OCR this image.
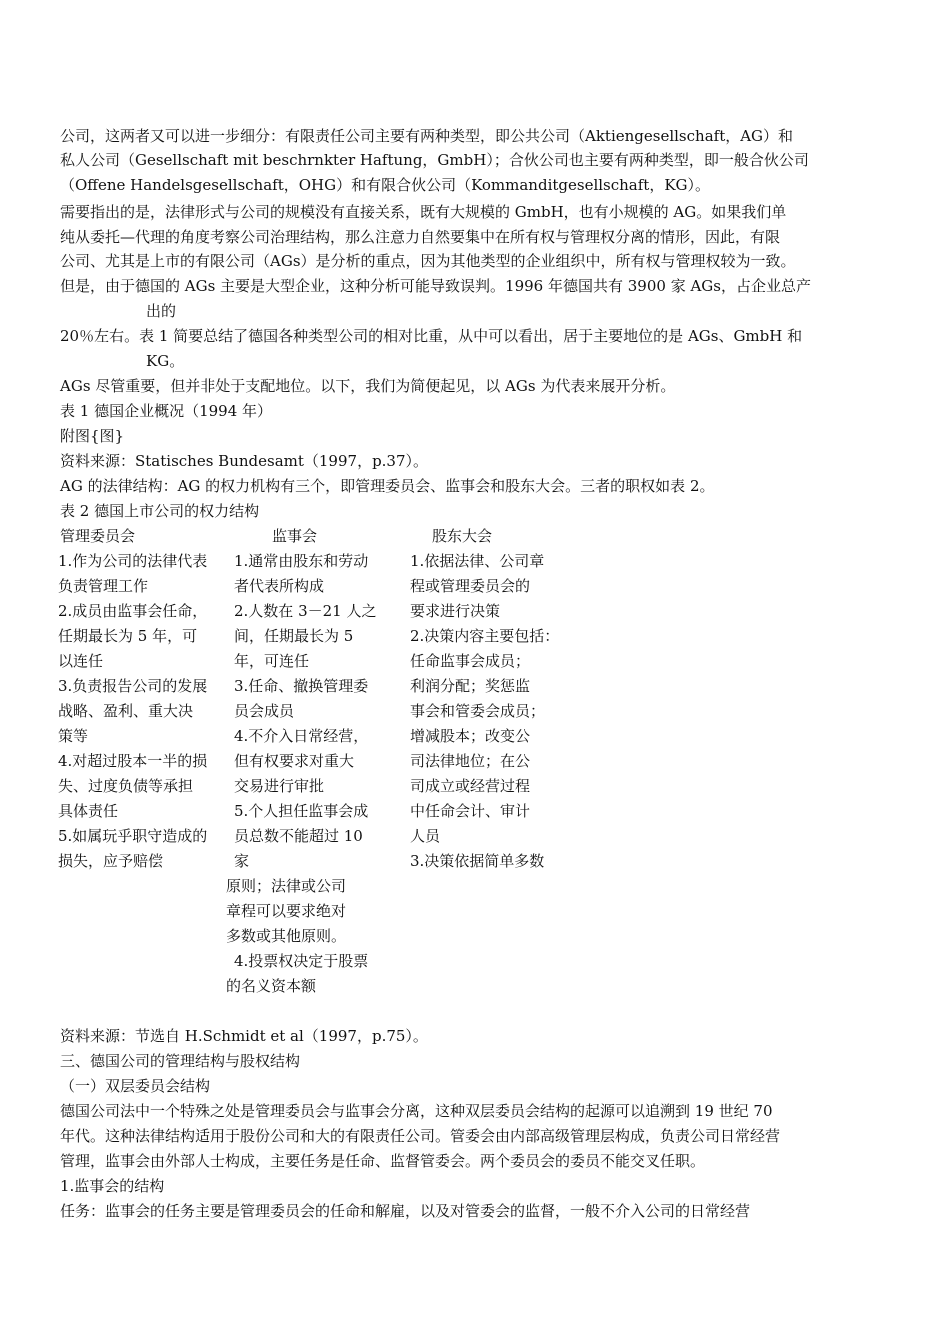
公司，这两者又可以进一步细分：有限责任公司主要有两种类型，即公共公司（Aktiengesellschaft，AG）和
私人公司（Gesellschaft mit beschrnkter Haftung，GmbH）；合伙公司也主要有两种类型，即一般合伙公司
（Offene Handelsgesellschaft，OHG）和有限合伙公司（Kommanditgesellschaft，KG）。
需要指出的是，法律形式与公司的规模没有直接关系，既有大规模的 GmbH，也有小规模的 AG。如果我们单
纯从委托—代理的角度考察公司治理结构，那么注意力自然要集中在所有权与管理权分离的情形，因此，有限
公司、尤其是上市的有限公司（AGs）是分析的重点，因为其他类型的企业组织中，所有权与管理权较为一致。
但是，由于德国的 AGs 主要是大型企业，这种分析可能导致误判。1996 年德国共有 3900 家 AGs，占企业总产
出的
20％左右。表 1 简要总结了德国各种类型公司的相对比重，从中可以看出，居于主要地位的是 AGs、GmbH 和
KG。
AGs 尽管重要，但并非处于支配地位。以下，我们为简便起见，以 AGs 为代表来展开分析。
表 1 德国企业概况（1994 年）
附图{图}
资料来源：Statisches Bundesamt（1997，p.37）。
AG 的法律结构：AG 的权力机构有三个，即管理委员会、监事会和股东大会。三者的职权如表 2。
表 2 德国上市公司的权力结构
管理委员会
1.作为公司的法律代表
负责管理工作
2.成员由监事会任命，
任期最长为 5 年，可
以连任
3.负责报告公司的发展
战略、盈利、重大决
策等
4.对超过股本一半的损
失、过度负债等承担
具体责任
5.如属玩乎职守造成的
损失，应予赔偿
监事会
1.通常由股东和劳动
者代表所构成
2.人数在 3－21 人之
间，任期最长为 5
年，可连任
3.任命、撤换管理委
员会成员
4.不介入日常经营，
但有权要求对重大
交易进行审批
5.个人担任监事会成
员总数不能超过 10
家
原则；法律或公司
章程可以要求绝对
多数或其他原则。
4.投票权决定于股票
的名义资本额
股东大会
1.依据法律、公司章
程或管理委员会的
要求进行决策
2.决策内容主要包括：
任命监事会成员；
利润分配；奖惩监
事会和管委会成员；
增减股本；改变公
司法律地位；在公
司成立或经营过程
中任命会计、审计
人员
3.决策依据简单多数
资料来源：节选自 H.Schmidt et al（1997，p.75）。
三、德国公司的管理结构与股权结构
（一）双层委员会结构
德国公司法中一个特殊之处是管理委员会与监事会分离，这种双层委员会结构的起源可以追溯到 19 世纪 70
年代。这种法律结构适用于股份公司和大的有限责任公司。管委会由内部高级管理层构成，负责公司日常经营
管理，监事会由外部人士构成，主要任务是任命、监督管委会。两个委员会的委员不能交叉任职。
1.监事会的结构
任务：监事会的任务主要是管理委员会的任命和解雇，以及对管委会的监督，一般不介入公司的日常经营
